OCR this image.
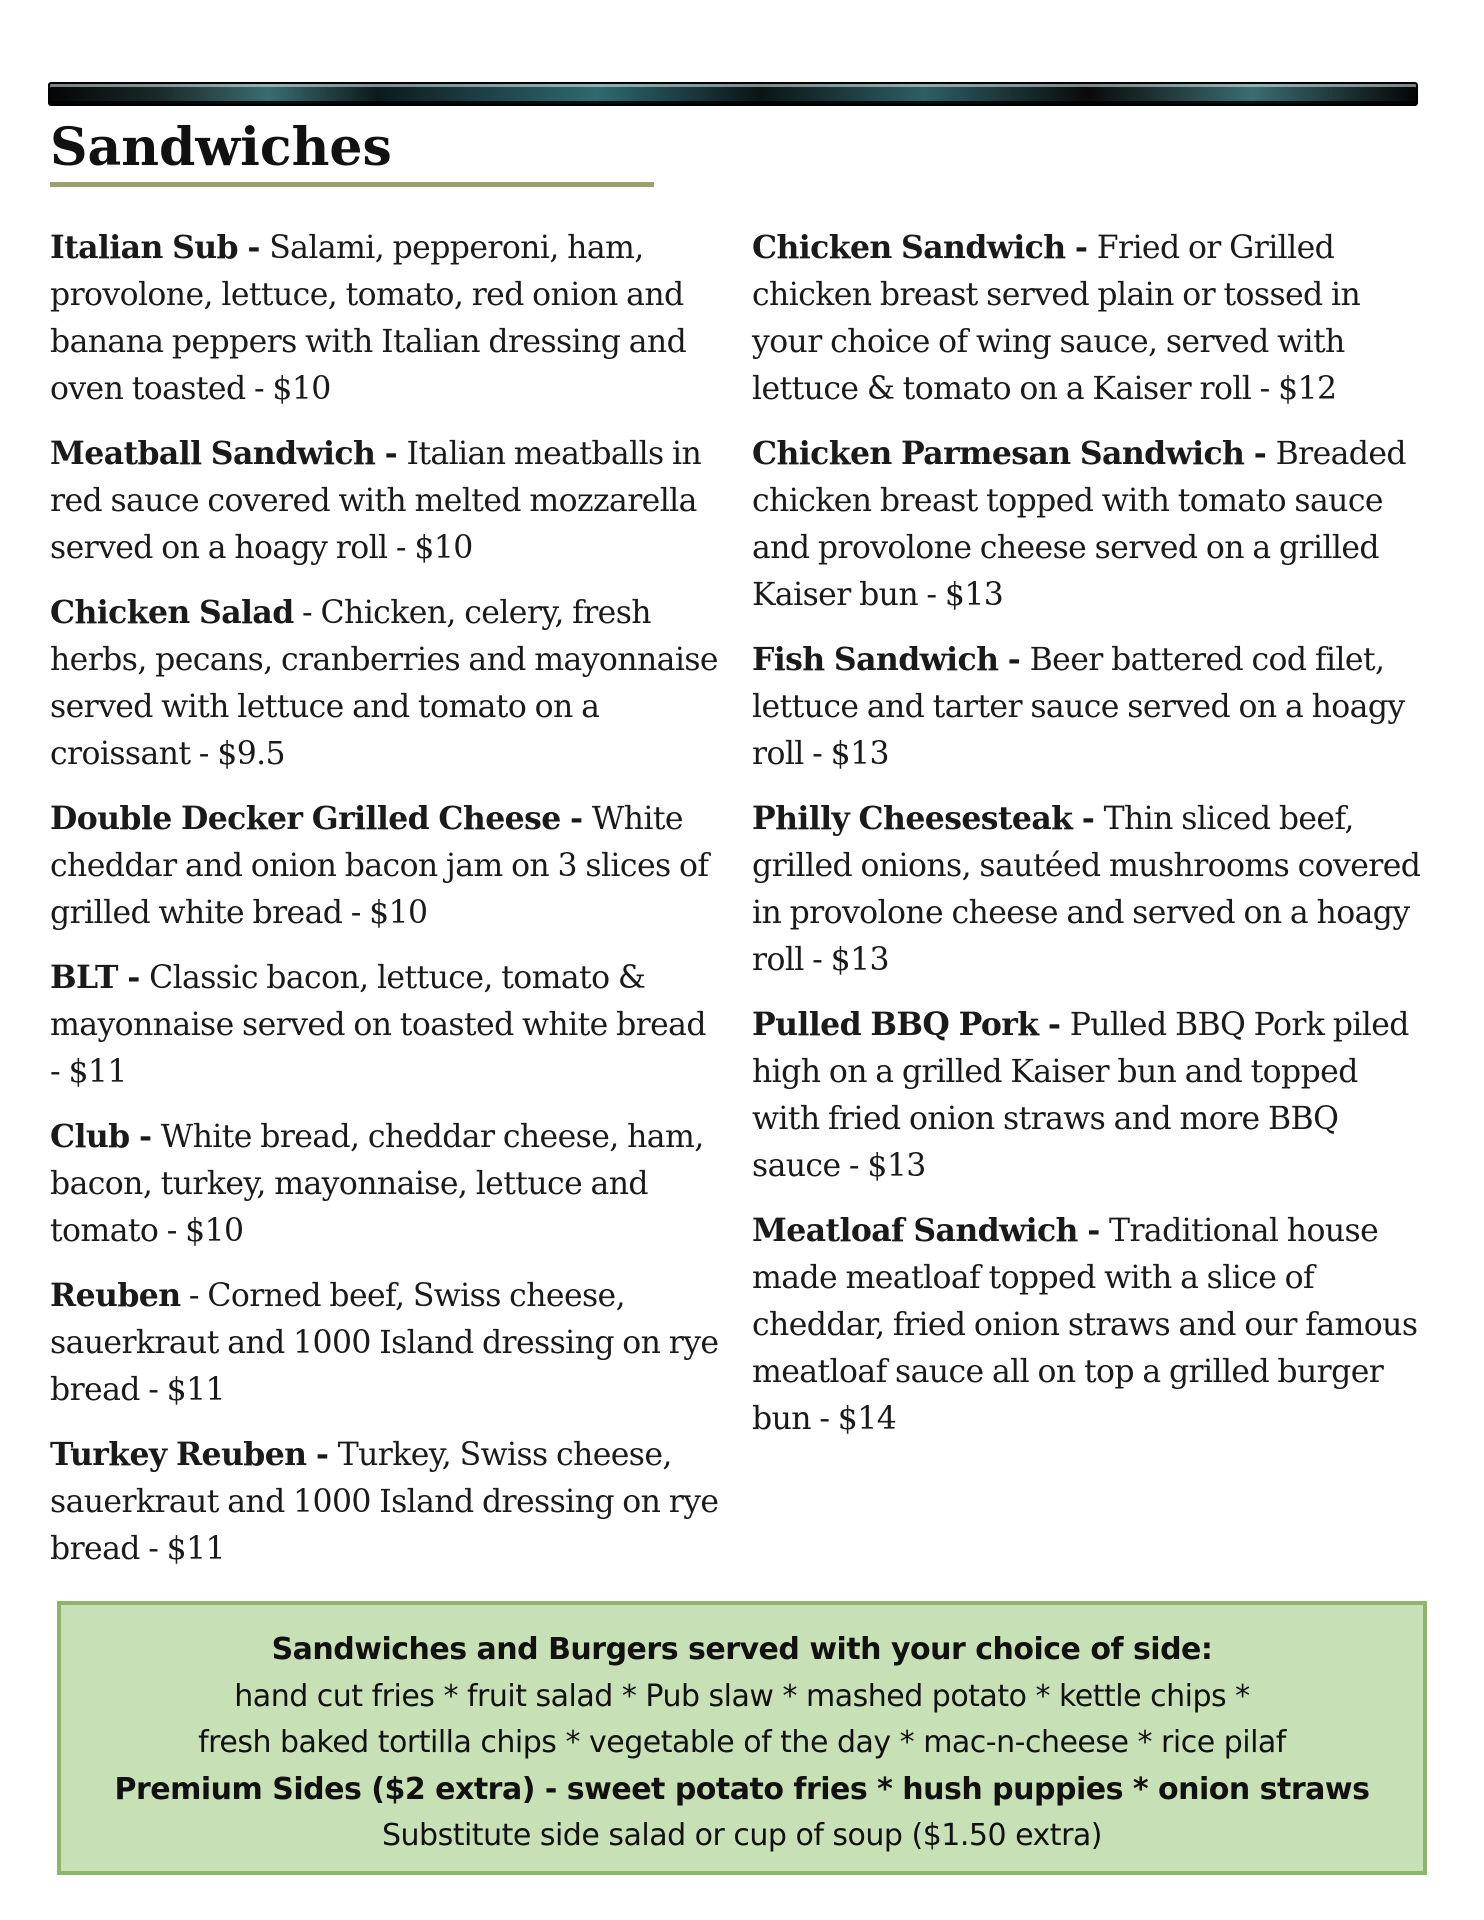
Sandwiches

Italian Sub - Salami, pepperoni, ham, provolone, lettuce, tomato, red onion and banana peppers with Italian dressing and oven toasted - $10

Meatball Sandwich - Italian meatballs in red sauce covered with melted mozzarella served on a hoagy roll - $10

Chicken Salad - Chicken, celery, fresh herbs, pecans, cranberries and mayonnaise served with lettuce and tomato on a croissant - $9.5

Double Decker Grilled Cheese - White cheddar and onion bacon jam on 3 slices of grilled white bread - $10

BLT - Classic bacon, lettuce, tomato & mayonnaise served on toasted white bread - $11

Club - White bread, cheddar cheese, ham, bacon, turkey, mayonnaise, lettuce and tomato - $10

Reuben - Corned beef, Swiss cheese, sauerkraut and 1000 Island dressing on rye bread - $11

Turkey Reuben - Turkey, Swiss cheese, sauerkraut and 1000 Island dressing on rye bread - $11

Chicken Sandwich - Fried or Grilled chicken breast served plain or tossed in your choice of wing sauce, served with lettuce & tomato on a Kaiser roll - $12

Chicken Parmesan Sandwich - Breaded chicken breast topped with tomato sauce and provolone cheese served on a grilled Kaiser bun - $13

Fish Sandwich - Beer battered cod filet, lettuce and tarter sauce served on a hoagy roll - $13

Philly Cheesesteak - Thin sliced beef, grilled onions, sautéed mushrooms covered in provolone cheese and served on a hoagy roll - $13

Pulled BBQ Pork - Pulled BBQ Pork piled high on a grilled Kaiser bun and topped with fried onion straws and more BBQ sauce - $13

Meatloaf Sandwich - Traditional house made meatloaf topped with a slice of cheddar, fried onion straws and our famous meatloaf sauce all on top a grilled burger bun - $14

Sandwiches and Burgers served with your choice of side:
hand cut fries * fruit salad * Pub slaw * mashed potato * kettle chips *
fresh baked tortilla chips * vegetable of the day * mac-n-cheese * rice pilaf
Premium Sides ($2 extra) - sweet potato fries * hush puppies * onion straws
Substitute side salad or cup of soup ($1.50 extra)
